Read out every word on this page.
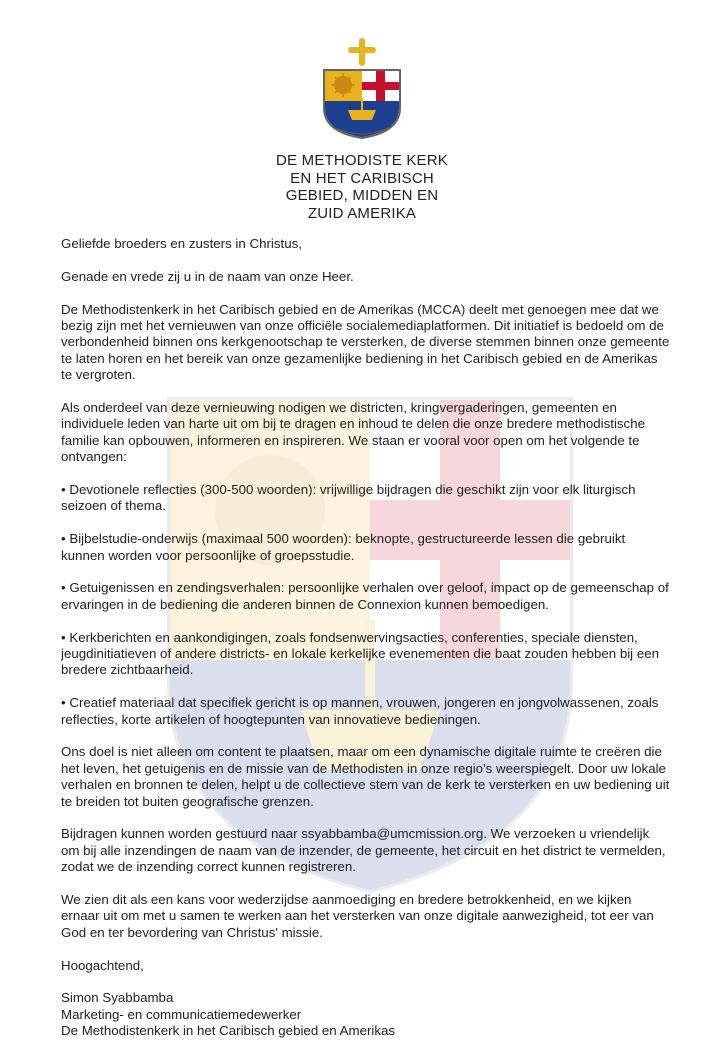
DE METHODISTE KERK
EN HET CARIBISCH
GEBIED, MIDDEN EN
ZUID AMERIKA

Geliefde broeders en zusters in Christus,

Genade en vrede zij u in de naam van onze Heer.

De Methodistenkerk in het Caribisch gebied en de Amerikas (MCCA) deelt met genoegen mee dat we bezig zijn met het vernieuwen van onze officiële socialemediaplatformen. Dit initiatief is bedoeld om de verbondenheid binnen ons kerkgenootschap te versterken, de diverse stemmen binnen onze gemeente te laten horen en het bereik van onze gezamenlijke bediening in het Caribisch gebied en de Amerikas te vergroten.

Als onderdeel van deze vernieuwing nodigen we districten, kringvergaderingen, gemeenten en individuele leden van harte uit om bij te dragen en inhoud te delen die onze bredere methodistische familie kan opbouwen, informeren en inspireren. We staan er vooral voor open om het volgende te ontvangen:

• Devotionele reflecties (300-500 woorden): vrijwillige bijdragen die geschikt zijn voor elk liturgisch seizoen of thema.

• Bijbelstudie-onderwijs (maximaal 500 woorden): beknopte, gestructureerde lessen die gebruikt kunnen worden voor persoonlijke of groepsstudie.

• Getuigenissen en zendingsverhalen: persoonlijke verhalen over geloof, impact op de gemeenschap of ervaringen in de bediening die anderen binnen de Connexion kunnen bemoedigen.

• Kerkberichten en aankondigingen, zoals fondsenwervingsacties, conferenties, speciale diensten, jeugdinitiatieven of andere districts- en lokale kerkelijke evenementen die baat zouden hebben bij een bredere zichtbaarheid.

• Creatief materiaal dat specifiek gericht is op mannen, vrouwen, jongeren en jongvolwassenen, zoals reflecties, korte artikelen of hoogtepunten van innovatieve bedieningen.

Ons doel is niet alleen om content te plaatsen, maar om een dynamische digitale ruimte te creëren die het leven, het getuigenis en de missie van de Methodisten in onze regio's weerspiegelt. Door uw lokale verhalen en bronnen te delen, helpt u de collectieve stem van de kerk te versterken en uw bediening uit te breiden tot buiten geografische grenzen.

Bijdragen kunnen worden gestuurd naar ssyabbamba@umcmission.org. We verzoeken u vriendelijk om bij alle inzendingen de naam van de inzender, de gemeente, het circuit en het district te vermelden, zodat we de inzending correct kunnen registreren.

We zien dit als een kans voor wederzijdse aanmoediging en bredere betrokkenheid, en we kijken ernaar uit om met u samen te werken aan het versterken van onze digitale aanwezigheid, tot eer van God en ter bevordering van Christus' missie.

Hoogachtend,

Simon Syabbamba
Marketing- en communicatiemedewerker
De Methodistenkerk in het Caribisch gebied en Amerikas
